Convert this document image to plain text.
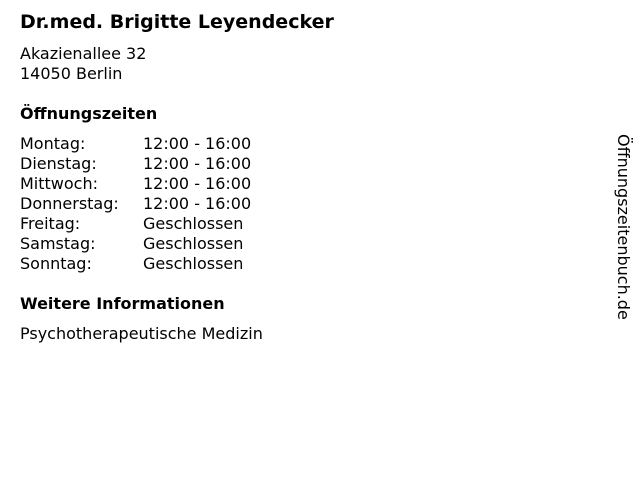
Dr.med. Brigitte Leyendecker
Akazienallee 32
14050 Berlin
Öffnungszeiten
Montag:	12:00 - 16:00
Dienstag:	12:00 - 16:00
Mittwoch:	12:00 - 16:00
Donnerstag:	12:00 - 16:00
Freitag:	Geschlossen
Samstag:	Geschlossen
Sonntag:	Geschlossen
Weitere Informationen
Psychotherapeutische Medizin
Öffnungszeitenbuch.de
